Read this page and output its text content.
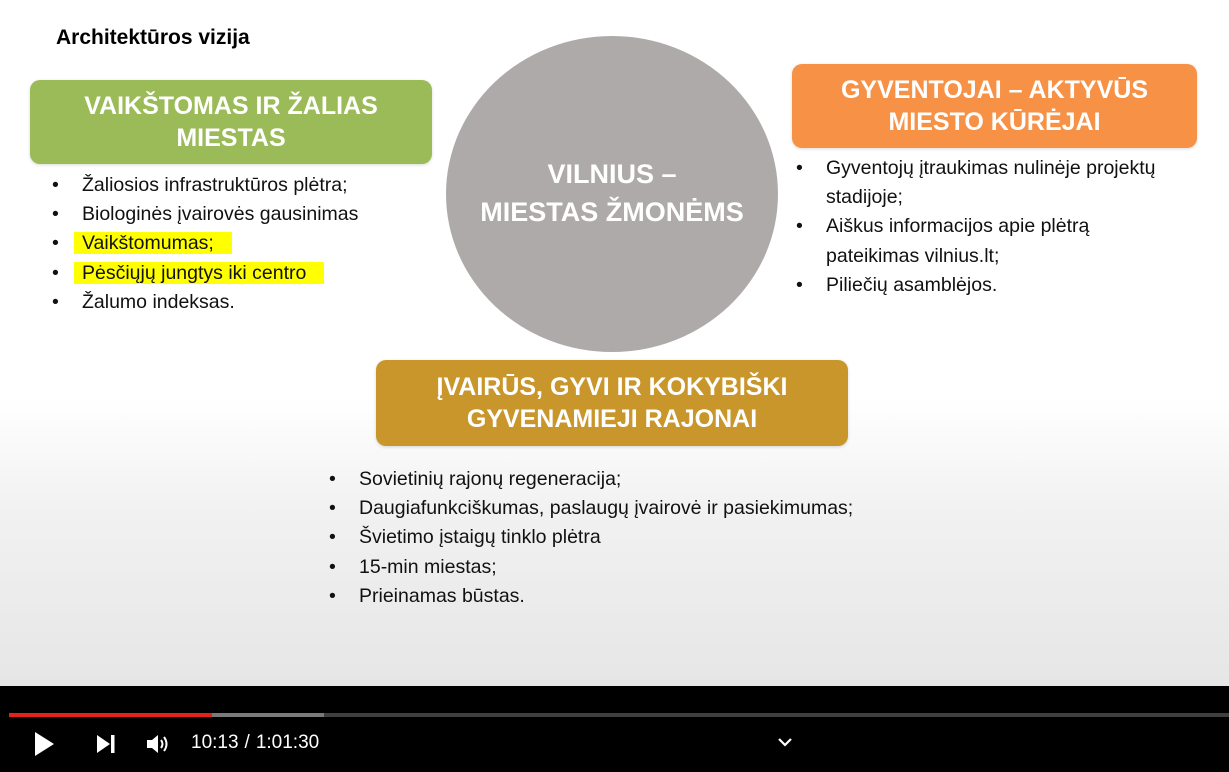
Architektūros vizija
VAIKŠTOMAS IR ŽALIAS
MIESTAS
VILNIUS –
MIESTAS ŽMONĖMS
GYVENTOJAI – AKTYVŪS
MIESTO KŪRĖJAI
• Žaliosios infrastruktūros plėtra;
• Biologinės įvairovės gausinimas
• Vaikštomumas;
• Pėsčiųjų jungtys iki centro
• Žalumo indeksas.
• Gyventojų įtraukimas nulinėje projektų stadijoje;
• Aiškus informacijos apie plėtrą pateikimas vilnius.lt;
• Piliečių asamblėjos.
ĮVAIRŪS, GYVI IR KOKYBIŠKI
GYVENAMIEJI RAJONAI
• Sovietinių rajonų regeneracija;
• Daugiafunkciškumas, paslaugų įvairovė ir pasiekimumas;
• Švietimo įstaigų tinklo plėtra
• 15-min miestas;
• Prieinamas būstas.
10:13 / 1:01:30
